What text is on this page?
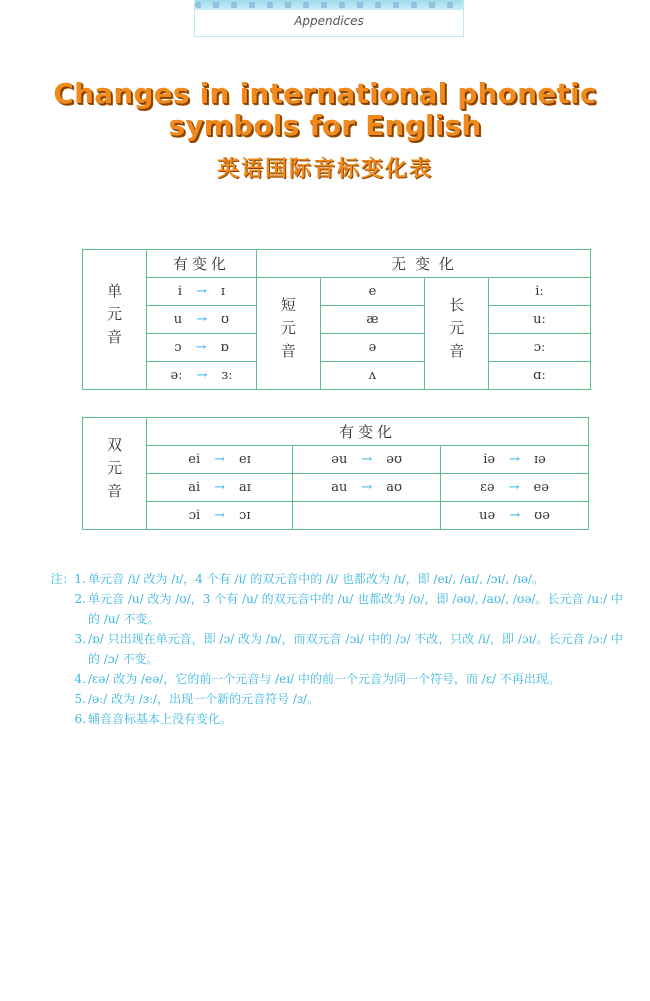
Appendices
Changes in international phonetic
symbols for English
英语国际音标变化表
单元音	有变化	无 变 化			
	i → ɪ	短元音	e	长元音	iː
	u → ʊ		æ		uː
	ɔ → ɒ		ə		ɔː
	əː → ɜː		ʌ		ɑː
双元音	有变化		
	ei → eɪ	əu → əʊ	iə → ɪə
	ai → aɪ	au → aʊ	ɛə → eə
	ɔi → ɔɪ		uə → ʊə
注：1. 单元音 /i/ 改为 /ɪ/，4 个有 /i/ 的双元音中的 /i/ 也都改为 /ɪ/，即 /eɪ/, /aɪ/, /ɔɪ/, /ɪə/。
2. 单元音 /u/ 改为 /ʊ/，3 个有 /u/ 的双元音中的 /u/ 也都改为 /ʊ/，即 /əʊ/, /aʊ/, /ʊə/。长元音 /uː/ 中的 /u/ 不变。
3. /ɒ/ 只出现在单元音，即 /ɔ/ 改为 /ɒ/，而双元音 /ɔi/ 中的 /ɔ/ 不改，只改 /i/，即 /ɔɪ/。长元音 /ɔː/ 中的 /ɔ/ 不变。
4. /ɛə/ 改为 /eə/，它的前一个元音与 /eɪ/ 中的前一个元音为同一个符号，而 /ɛ/ 不再出现。
5. /əː/ 改为 /ɜː/，出现一个新的元音符号 /ɜ/。
6. 辅音音标基本上没有变化。
